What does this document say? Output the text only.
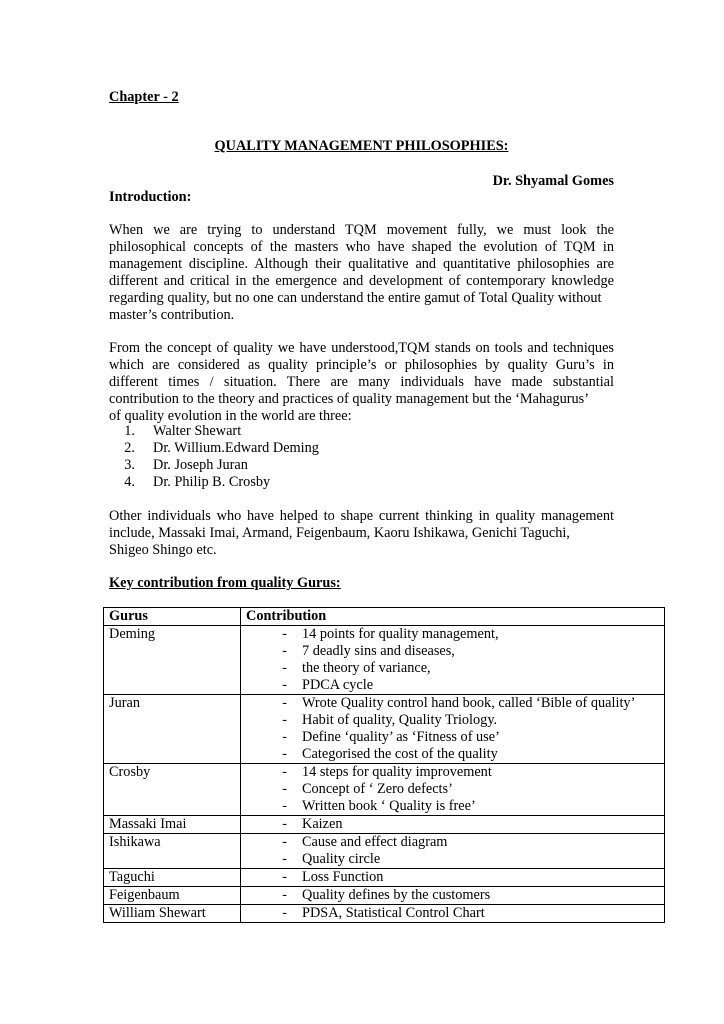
Chapter - 2
QUALITY MANAGEMENT PHILOSOPHIES:
Dr. Shyamal Gomes
Introduction:
When we are trying to understand TQM movement fully, we must look the philosophical concepts of the masters who have shaped the evolution of TQM in management discipline. Although their qualitative and quantitative philosophies are different and critical in the emergence and development of contemporary knowledge regarding quality, but no one can understand the entire gamut of Total Quality without
master’s contribution.
From the concept of quality we have understood,TQM stands on tools and techniques which are considered as quality principle’s or philosophies by quality Guru’s in different times / situation. There are many individuals have made substantial contribution to the theory and practices of quality management but the ‘Mahagurus’
of quality evolution in the world are three:
1. Walter Shewart
2. Dr. Willium.Edward Deming
3. Dr. Joseph Juran
4. Dr. Philip B. Crosby
Other individuals who have helped to shape current thinking in quality management include, Massaki Imai, Armand, Feigenbaum, Kaoru Ishikawa, Genichi Taguchi,
Shigeo Shingo etc.
Key contribution from quality Gurus:
Gurus	Contribution
Deming	- 14 points for quality management,
- 7 deadly sins and diseases,
- the theory of variance,
- PDCA cycle

Juran	- Wrote Quality control hand book, called ‘Bible of quality’
- Habit of quality, Quality Triology.
- Define ‘quality’ as ‘Fitness of use’
- Categorised the cost of the quality

Crosby	- 14 steps for quality improvement
- Concept of ‘ Zero defects’
- Written book ‘ Quality is free’

Massaki Imai	- Kaizen

Ishikawa	- Cause and effect diagram
- Quality circle

Taguchi	- Loss Function

Feigenbaum	- Quality defines by the customers

William Shewart	- PDSA, Statistical Control Chart
